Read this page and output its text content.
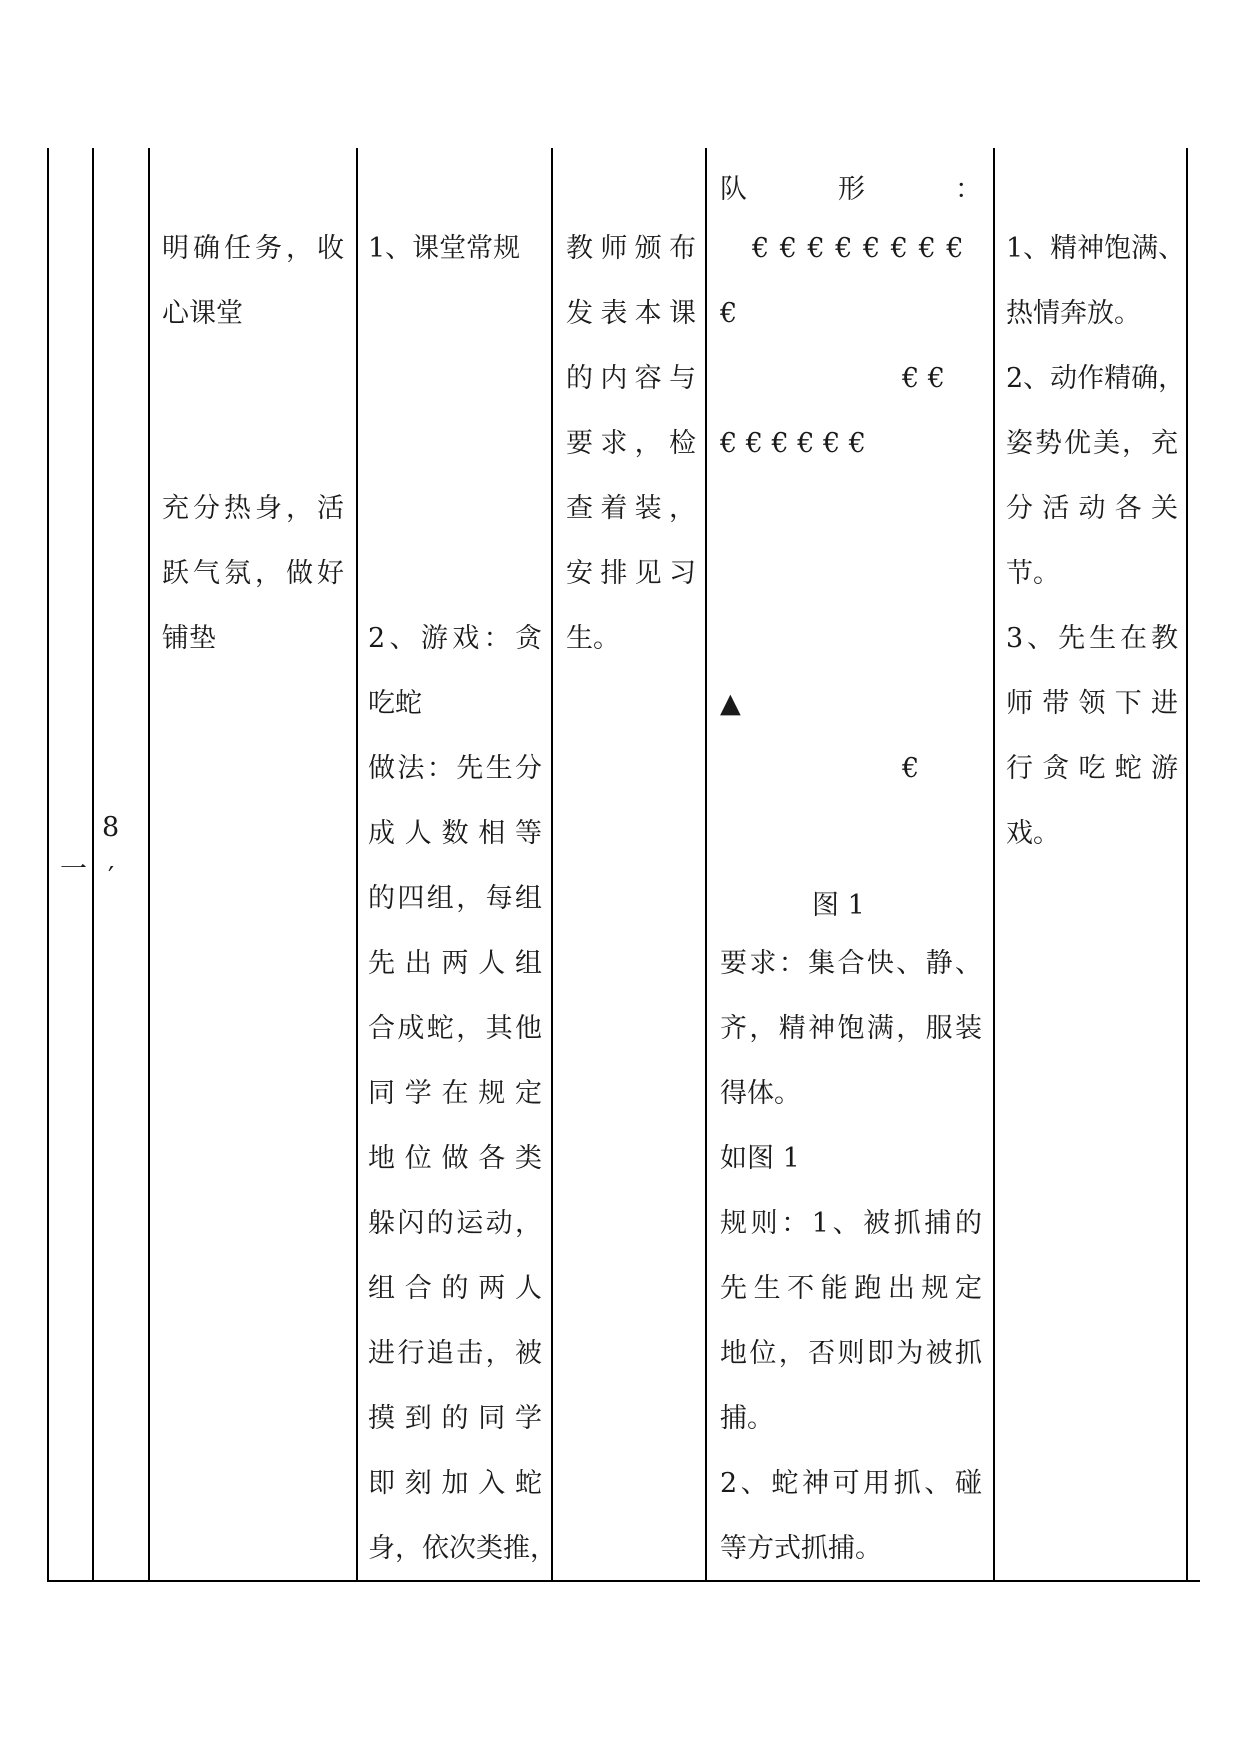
一
8
′
明确任务，收
心课堂
充分热身，活
跃气氛，做好
铺垫
1、课堂常规
2、游戏：贪
吃蛇
做法：先生分
成人数相等
的四组，每组
先出两人组
合成蛇，其他
同学在规定
地位做各类
躲闪的运动，
组合的两人
进行追击，被
摸到的同学
即刻加入蛇
身，依次类推，
教师颁布
发表本课
的内容与
要求，检
查着装，
安排见习
生。
队	形	：
€ € € € € € € €
€
€ €
€ € € € € €
▲
€
图 1
要求：集合快、静、
齐，精神饱满，服装
得体。
如图 1
规则：1、被抓捕的
先生不能跑出规定
地位，否则即为被抓
捕。
2、蛇神可用抓、碰
等方式抓捕。
1、精神饱满、
热情奔放。
2、动作精确，
姿势优美，充
分活动各关
节。
3、先生在教
师带领下进
行贪吃蛇游
戏。
